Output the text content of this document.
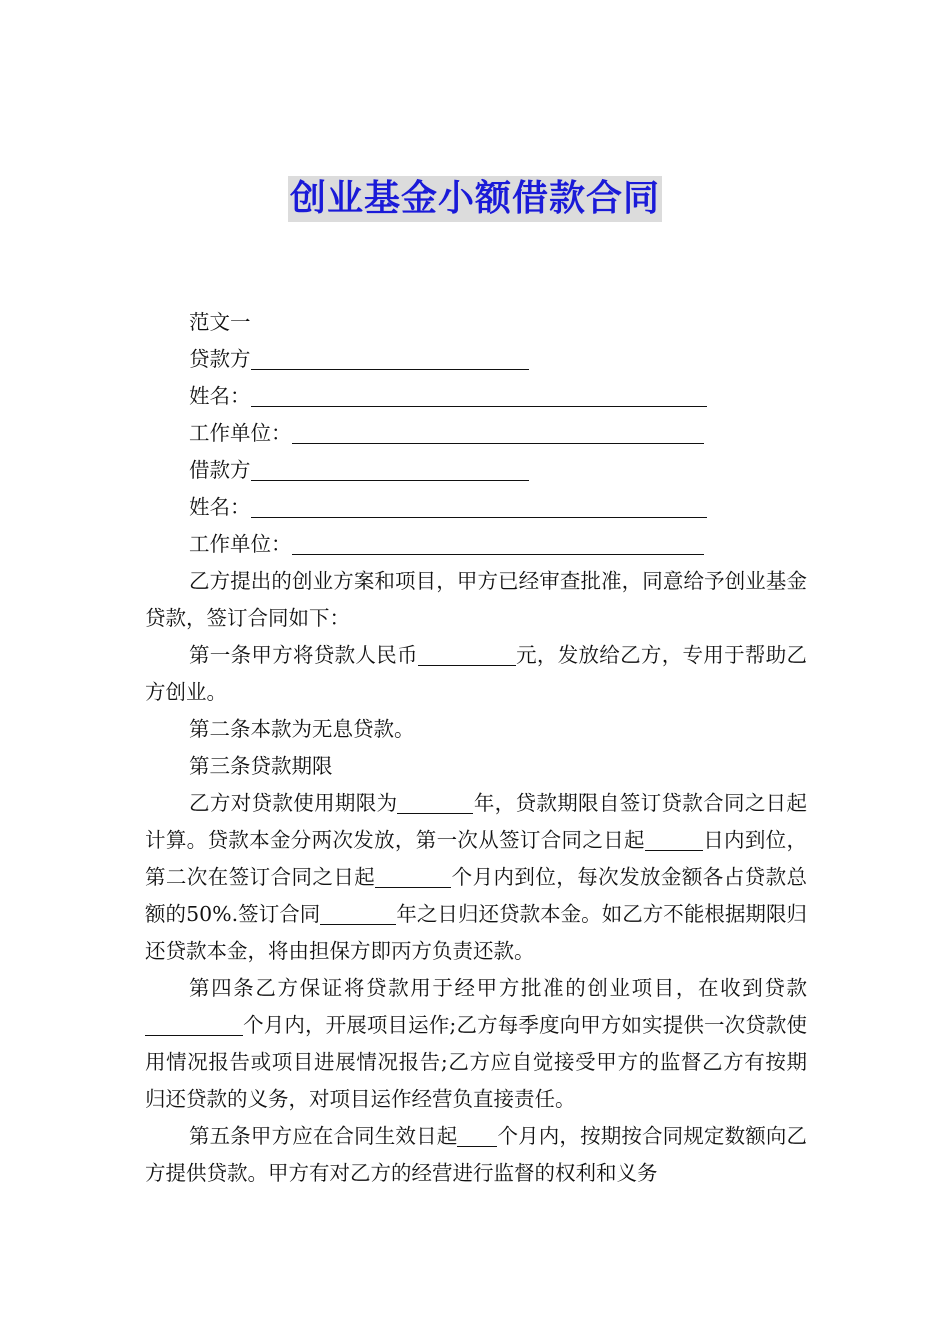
创业基金小额借款合同
范文一
贷款方
姓名：
工作单位：
借款方
姓名：
工作单位：
乙方提出的创业方案和项目，甲方已经审查批准，同意给予创业基金贷款，签订合同如下：
第一条甲方将贷款人民币	元，发放给乙方，专用于帮助乙方创业。
第二条本款为无息贷款。
第三条贷款期限
乙方对贷款使用期限为	年，贷款期限自签订贷款合同之日起计算。贷款本金分两次发放，第一次从签订合同之日起	日内到位，第二次在签订合同之日起	个月内到位，每次发放金额各占贷款总额的50%.签订合同	年之日归还贷款本金。如乙方不能根据期限归还贷款本金，将由担保方即丙方负责还款。
第四条乙方保证将贷款用于经甲方批准的创业项目，在收到贷款个月内，开展项目运作;乙方每季度向甲方如实提供一次贷款使用情况报告或项目进展情况报告;乙方应自觉接受甲方的监督乙方有按期归还贷款的义务，对项目运作经营负直接责任。
第五条甲方应在合同生效日起 个月内，按期按合同规定数额向乙方提供贷款。甲方有对乙方的经营进行监督的权利和义务
